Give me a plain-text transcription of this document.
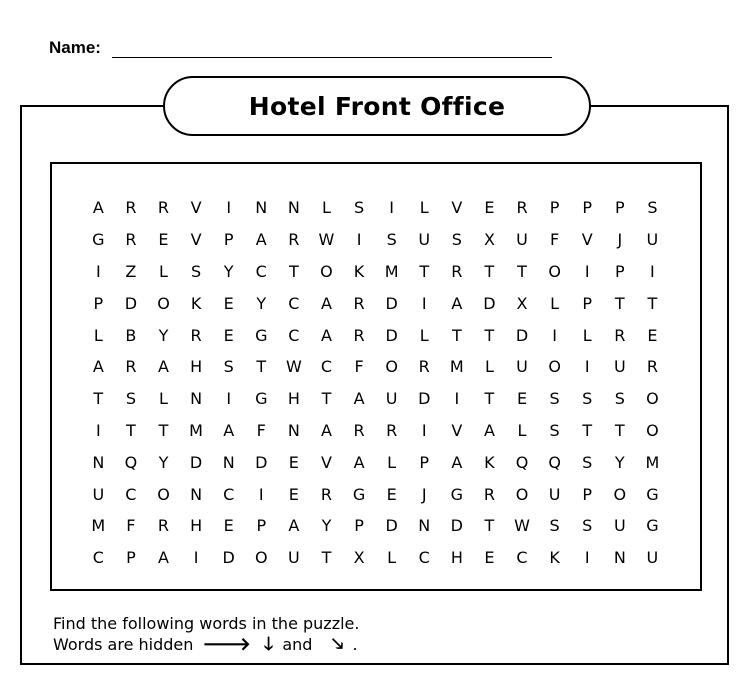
Name:
Hotel Front Office
A	R	R	V	I	N	N	L	S	I	L	V	E	R	P	P	P	S
G	R	E	V	P	A	R	W	I	S	U	S	X	U	F	V	J	U
I	Z	L	S	Y	C	T	O	K	M	T	R	T	T	O	I	P	I
P	D	O	K	E	Y	C	A	R	D	I	A	D	X	L	P	T	T
L	B	Y	R	E	G	C	A	R	D	L	T	T	D	I	L	R	E
A	R	A	H	S	T	W	C	F	O	R	M	L	U	O	I	U	R
T	S	L	N	I	G	H	T	A	U	D	I	T	E	S	S	S	O
I	T	T	M	A	F	N	A	R	R	I	V	A	L	S	T	T	O
N	Q	Y	D	N	D	E	V	A	L	P	A	K	Q	Q	S	Y	M
U	C	O	N	C	I	E	R	G	E	J	G	R	O	U	P	O	G
M	F	R	H	E	P	A	Y	P	D	N	D	T	W	S	S	U	G
C	P	A	I	D	O	U	T	X	L	C	H	E	C	K	I	N	U
Find the following words in the puzzle.
Words are hidden 🡒 🡓 and 🡖 .
